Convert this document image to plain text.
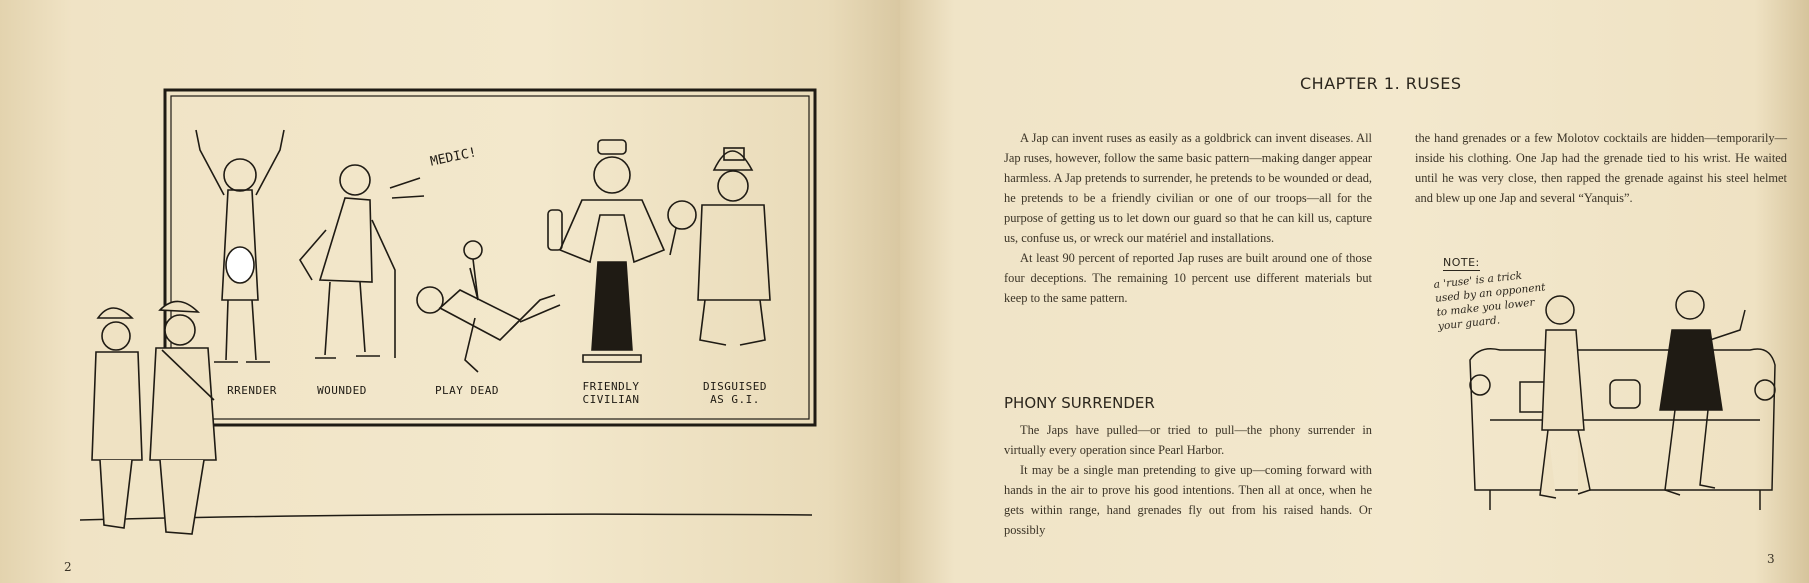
MEDIC!
RRENDER	WOUNDED	PLAY DEAD	FRIENDLY
CIVILIAN
DISGUISED
AS G.I.
2
CHAPTER 1. RUSES

A Jap can invent ruses as easily as a goldbrick can invent diseases. All Jap ruses, however, follow the same basic pattern—making danger appear harmless. A Jap pretends to surrender, he pretends to be wounded or dead, he pretends to be a friendly civilian or one of our troops—all for the purpose of getting us to let down our guard so that he can kill us, capture us, confuse us, or wreck our matériel and installations.

At least 90 percent of reported Jap ruses are built around one of those four deceptions. The remaining 10 percent use different materials but keep to the same pattern.

the hand grenades or a few Molotov cocktails are hidden—temporarily—inside his clothing. One Jap had the grenade tied to his wrist. He waited until he was very close, then rapped the grenade against his steel helmet and blew up one Jap and several “Yanquis”.

PHONY SURRENDER

The Japs have pulled—or tried to pull—the phony surrender in virtually every operation since Pearl Harbor.

It may be a single man pretending to give up—coming forward with hands in the air to prove his good intentions. Then all at once, when he gets within range, hand grenades fly out from his raised hands. Or possibly

NOTE:
a 'ruse' is a trick used by an opponent to make you lower your guard.
3
